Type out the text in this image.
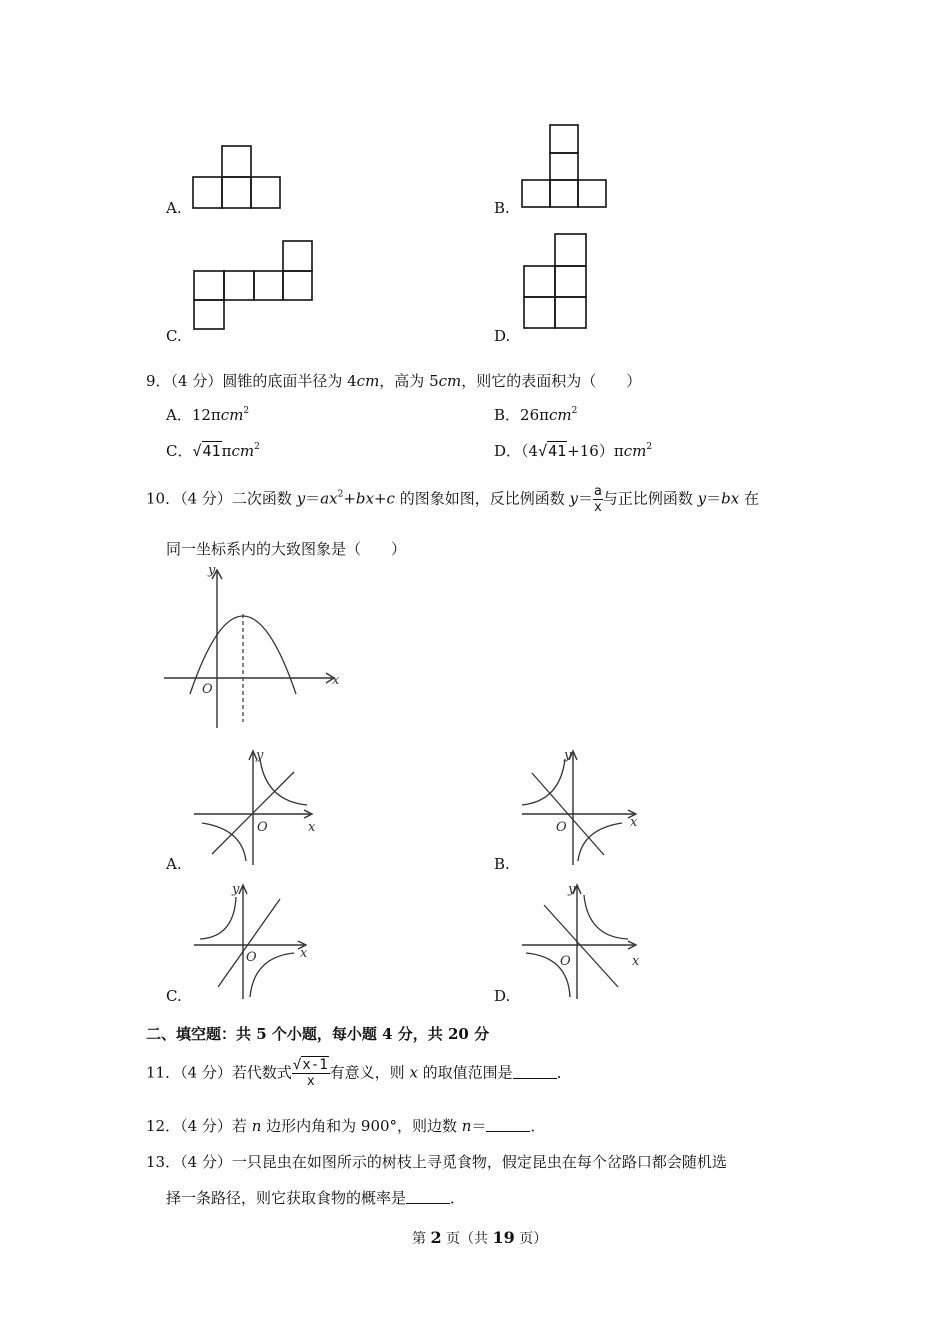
A.	B.
C.	D.
9．（4 分）圆锥的底面半径为 4cm，高为 5cm，则它的表面积为（　　）
A．12πcm$^2$	B．26πcm$^2$
C．√41πcm$^2$	D．（4√41+16）πcm$^2$
10．（4 分）二次函数 $y=ax^2+bx+c$ 的图象如图，反比例函数 $y= \frac{a}{x}$ 与正比例函数 y＝bx 在
同一坐标系内的大致图象是（　　）
y
x
O
A.
y
x
O
B.
y
x
O
C.
y
x
O
D.
y
x
O
二、填空题：共 5 个小题，每小题 4 分，共 20 分
11．（4 分）若代数式 $\frac{√x-1}{x}$ 有意义，则 x 的取值范围是	．
12．（4 分）若 n 边形内角和为 900°，则边数 n＝	．
13．（4 分）一只昆虫在如图所示的树枝上寻觅食物，假定昆虫在每个岔路口都会随机选
择一条路径，则它获取食物的概率是	．
第 2 页（共 19 页）
